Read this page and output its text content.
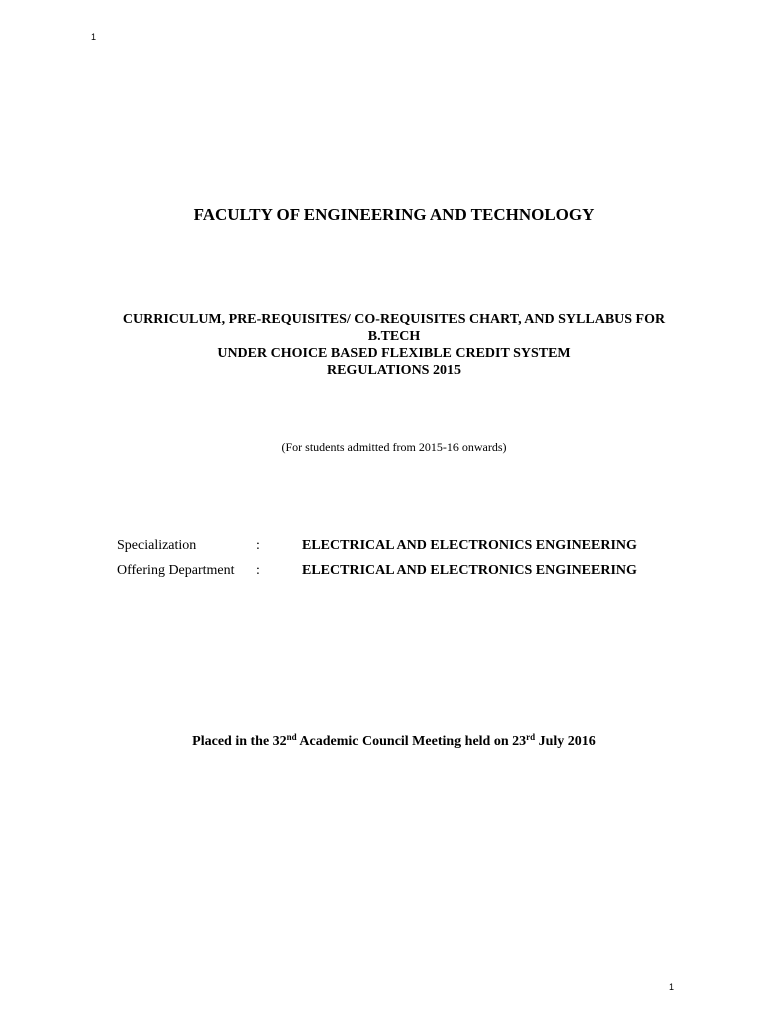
1
FACULTY OF ENGINEERING AND TECHNOLOGY
CURRICULUM, PRE-REQUISITES/ CO-REQUISITES CHART, AND SYLLABUS FOR
B.TECH
UNDER CHOICE BASED FLEXIBLE CREDIT SYSTEM
REGULATIONS 2015
(For students admitted from 2015-16 onwards)
Specialization	:	ELECTRICAL AND ELECTRONICS ENGINEERING
Offering Department :	ELECTRICAL AND ELECTRONICS ENGINEERING
Placed in the 32nd Academic Council Meeting held on 23rd July 2016
1
